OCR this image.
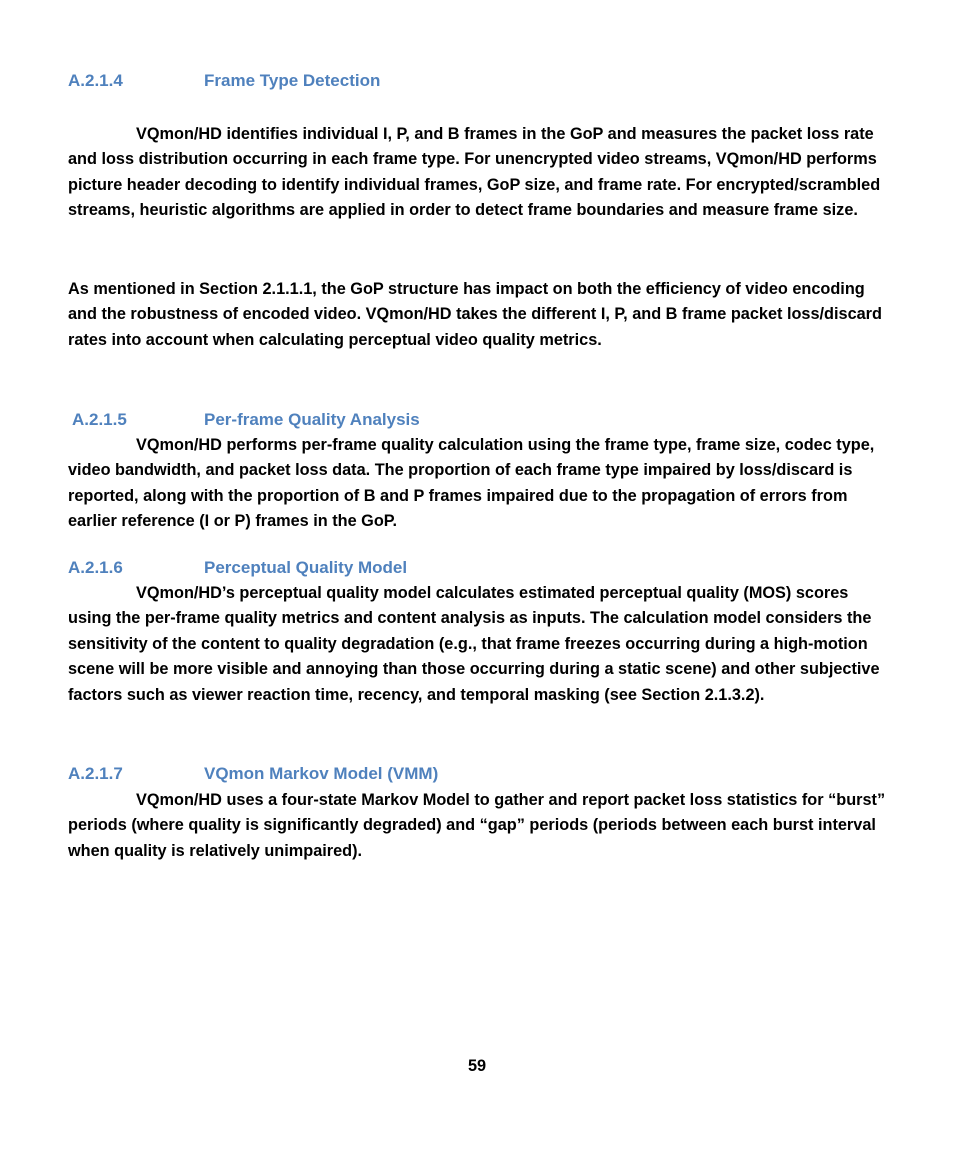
A.2.1.4	Frame Type Detection

VQmon/HD identifies individual I, P, and B frames in the GoP and measures the packet loss rate and loss distribution occurring in each frame type. For unencrypted video streams, VQmon/HD performs picture header decoding to identify individual frames, GoP size, and frame rate. For encrypted/scrambled streams, heuristic algorithms are applied in order to detect frame boundaries and measure frame size.

As mentioned in Section 2.1.1.1, the GoP structure has impact on both the efficiency of video encoding and the robustness of encoded video. VQmon/HD takes the different I, P, and B frame packet loss/discard rates into account when calculating perceptual video quality metrics.

A.2.1.5	Per-frame Quality Analysis

VQmon/HD performs per-frame quality calculation using the frame type, frame size, codec type, video bandwidth, and packet loss data. The proportion of each frame type impaired by loss/discard is reported, along with the proportion of B and P frames impaired due to the propagation of errors from earlier reference (I or P) frames in the GoP.

A.2.1.6	Perceptual Quality Model

VQmon/HD’s perceptual quality model calculates estimated perceptual quality (MOS) scores using the per-frame quality metrics and content analysis as inputs. The calculation model considers the sensitivity of the content to quality degradation (e.g., that frame freezes occurring during a high-motion scene will be more visible and annoying than those occurring during a static scene) and other subjective factors such as viewer reaction time, recency, and temporal masking (see Section 2.1.3.2).

A.2.1.7	VQmon Markov Model (VMM)

VQmon/HD uses a four-state Markov Model to gather and report packet loss statistics for “burst” periods (where quality is significantly degraded) and “gap” periods (periods between each burst interval when quality is relatively unimpaired).

59
